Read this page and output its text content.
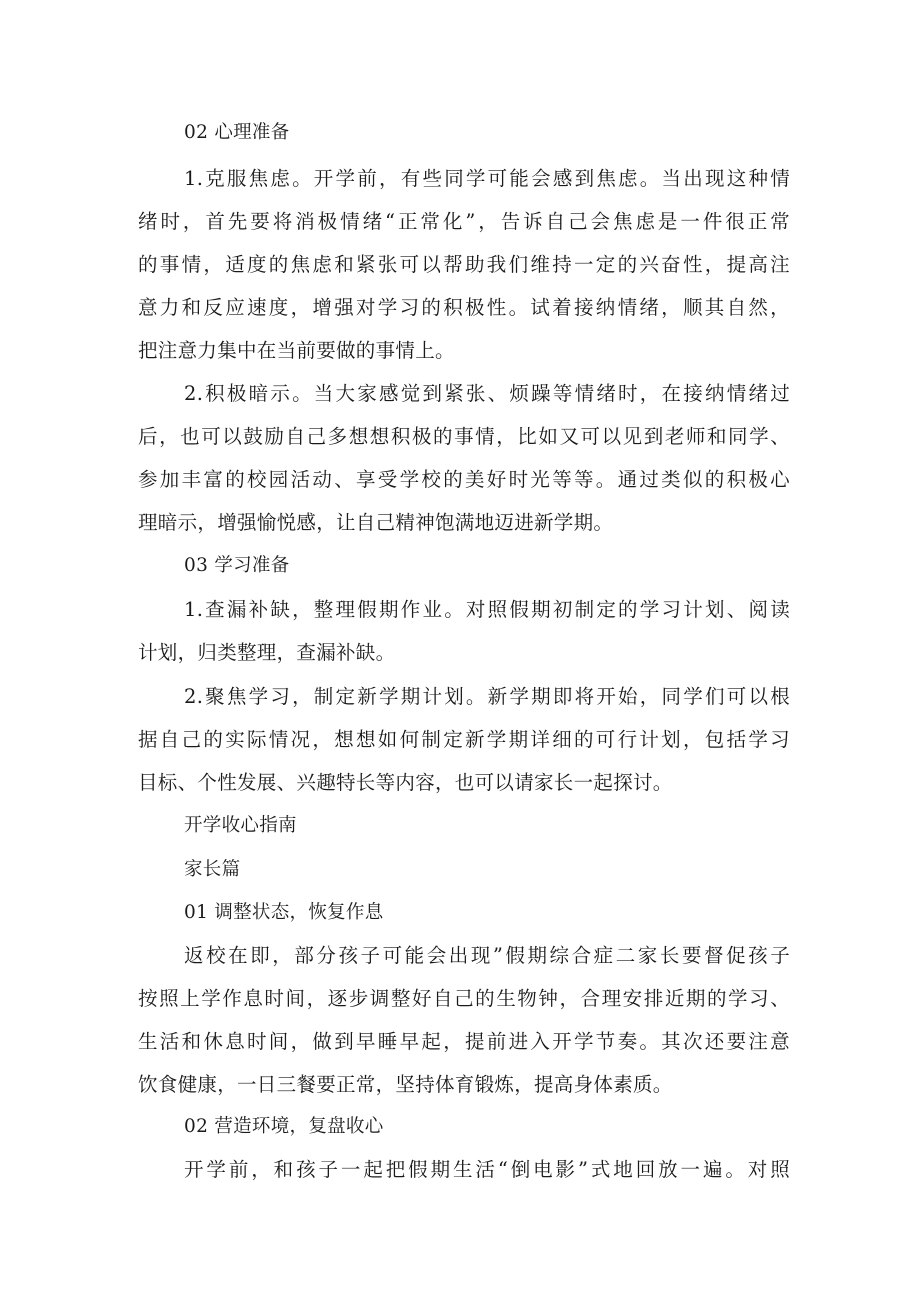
02 心理准备
1.克服焦虑。开学前，有些同学可能会感到焦虑。当出现这种情
绪时，首先要将消极情绪“正常化”，告诉自己会焦虑是一件很正常
的事情，适度的焦虑和紧张可以帮助我们维持一定的兴奋性，提高注
意力和反应速度，增强对学习的积极性。试着接纳情绪，顺其自然，
把注意力集中在当前要做的事情上。
2.积极暗示。当大家感觉到紧张、烦躁等情绪时，在接纳情绪过
后，也可以鼓励自己多想想积极的事情，比如又可以见到老师和同学、
参加丰富的校园活动、享受学校的美好时光等等。通过类似的积极心
理暗示，增强愉悦感，让自己精神饱满地迈进新学期。
03 学习准备
1.查漏补缺，整理假期作业。对照假期初制定的学习计划、阅读
计划，归类整理，查漏补缺。
2.聚焦学习，制定新学期计划。新学期即将开始，同学们可以根
据自己的实际情况，想想如何制定新学期详细的可行计划，包括学习
目标、个性发展、兴趣特长等内容，也可以请家长一起探讨。
开学收心指南
家长篇
01 调整状态，恢复作息
返校在即，部分孩子可能会出现”假期综合症二家长要督促孩子
按照上学作息时间，逐步调整好自己的生物钟，合理安排近期的学习、
生活和休息时间，做到早睡早起，提前进入开学节奏。其次还要注意
饮食健康，一日三餐要正常，坚持体育锻炼，提高身体素质。
02 营造环境，复盘收心
开学前，和孩子一起把假期生活“倒电影”式地回放一遍。对照
